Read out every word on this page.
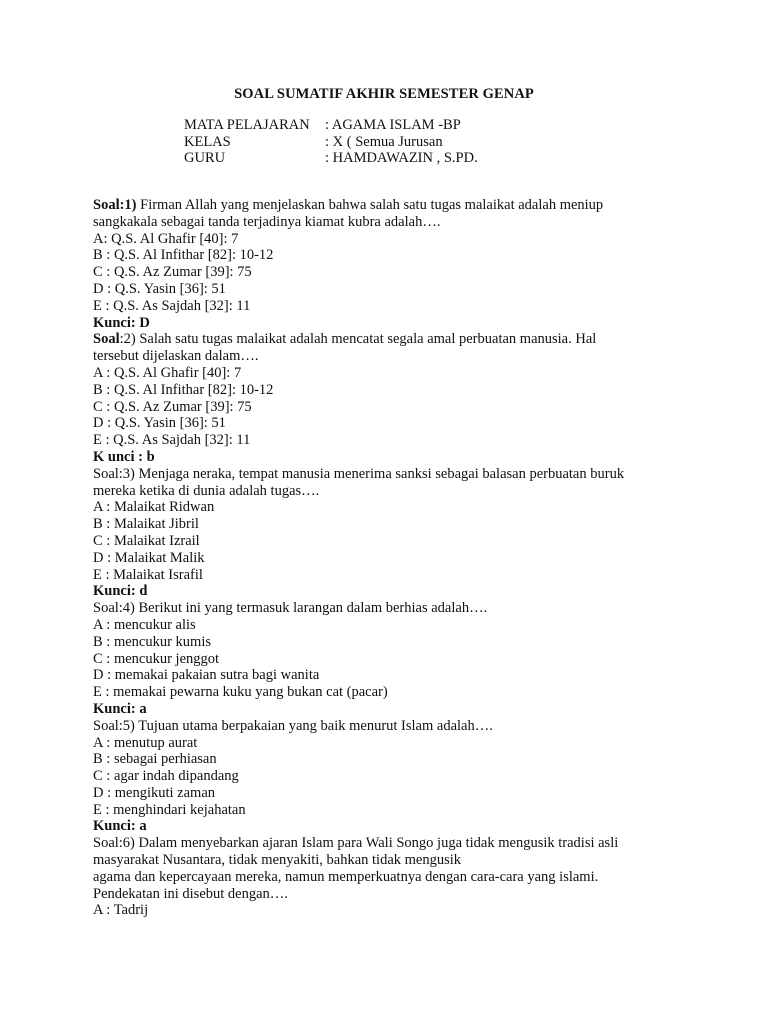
SOAL SUMATIF AKHIR SEMESTER GENAP
MATA PELAJARAN	: AGAMA ISLAM -BP
KELAS	: X ( Semua Jurusan
GURU	: HAMDAWAZIN , S.PD.
Soal:1) Firman Allah yang menjelaskan bahwa salah satu tugas malaikat adalah meniup
sangkakala sebagai tanda terjadinya kiamat kubra adalah….
A: Q.S. Al Ghafir [40]: 7
B : Q.S. Al Infithar [82]: 10-12
C : Q.S. Az Zumar [39]: 75
D : Q.S. Yasin [36]: 51
E : Q.S. As Sajdah [32]: 11
Kunci: D
Soal:2) Salah satu tugas malaikat adalah mencatat segala amal perbuatan manusia. Hal
tersebut dijelaskan dalam….
A : Q.S. Al Ghafir [40]: 7
B : Q.S. Al Infithar [82]: 10-12
C : Q.S. Az Zumar [39]: 75
D : Q.S. Yasin [36]: 51
E : Q.S. As Sajdah [32]: 11
K unci : b
Soal:3) Menjaga neraka, tempat manusia menerima sanksi sebagai balasan perbuatan buruk
mereka ketika di dunia adalah tugas….
A : Malaikat Ridwan
B : Malaikat Jibril
C : Malaikat Izrail
D : Malaikat Malik
E : Malaikat Israfil
Kunci: d
Soal:4) Berikut ini yang termasuk larangan dalam berhias adalah….
A : mencukur alis
B : mencukur kumis
C : mencukur jenggot
D : memakai pakaian sutra bagi wanita
E : memakai pewarna kuku yang bukan cat (pacar)
Kunci: a
Soal:5) Tujuan utama berpakaian yang baik menurut Islam adalah….
A : menutup aurat
B : sebagai perhiasan
C : agar indah dipandang
D : mengikuti zaman
E : menghindari kejahatan
Kunci: a
Soal:6) Dalam menyebarkan ajaran Islam para Wali Songo juga tidak mengusik tradisi asli
masyarakat Nusantara, tidak menyakiti, bahkan tidak mengusik
agama dan kepercayaan mereka, namun memperkuatnya dengan cara-cara yang islami.
Pendekatan ini disebut dengan….
A : Tadrij
